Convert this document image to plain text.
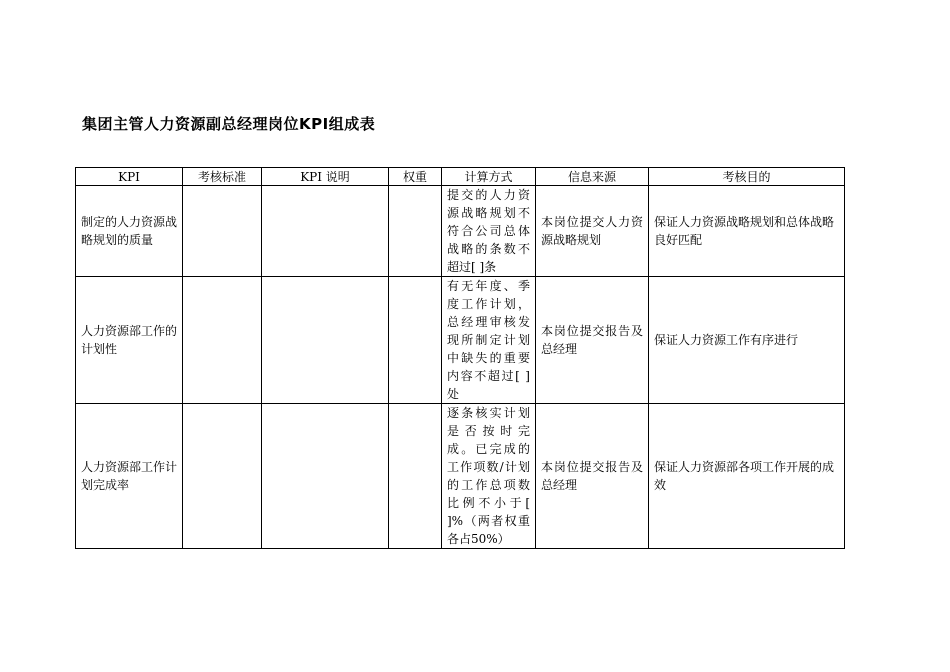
集团主管人力资源副总经理岗位KPI组成表
KPI	考核标准	KPI 说明	权重	计算方式	信息来源	考核目的
制定的人力资源战略规划的质量				提交的人力资源战略规划不符合公司总体战略的条数不超过[ ]条	本岗位提交人力资源战略规划	保证人力资源战略规划和总体战略良好匹配
人力资源部工作的计划性				有无年度、季度工作计划，总经理审核发现所制定计划中缺失的重要内容不超过[ ]处	本岗位提交报告及总经理	保证人力资源工作有序进行
人力资源部工作计划完成率				逐条核实计划是否按时完成。已完成的工作项数/计划的工作总项数比例不小于[ ]%（两者权重各占50%）	本岗位提交报告及总经理	保证人力资源部各项工作开展的成效
